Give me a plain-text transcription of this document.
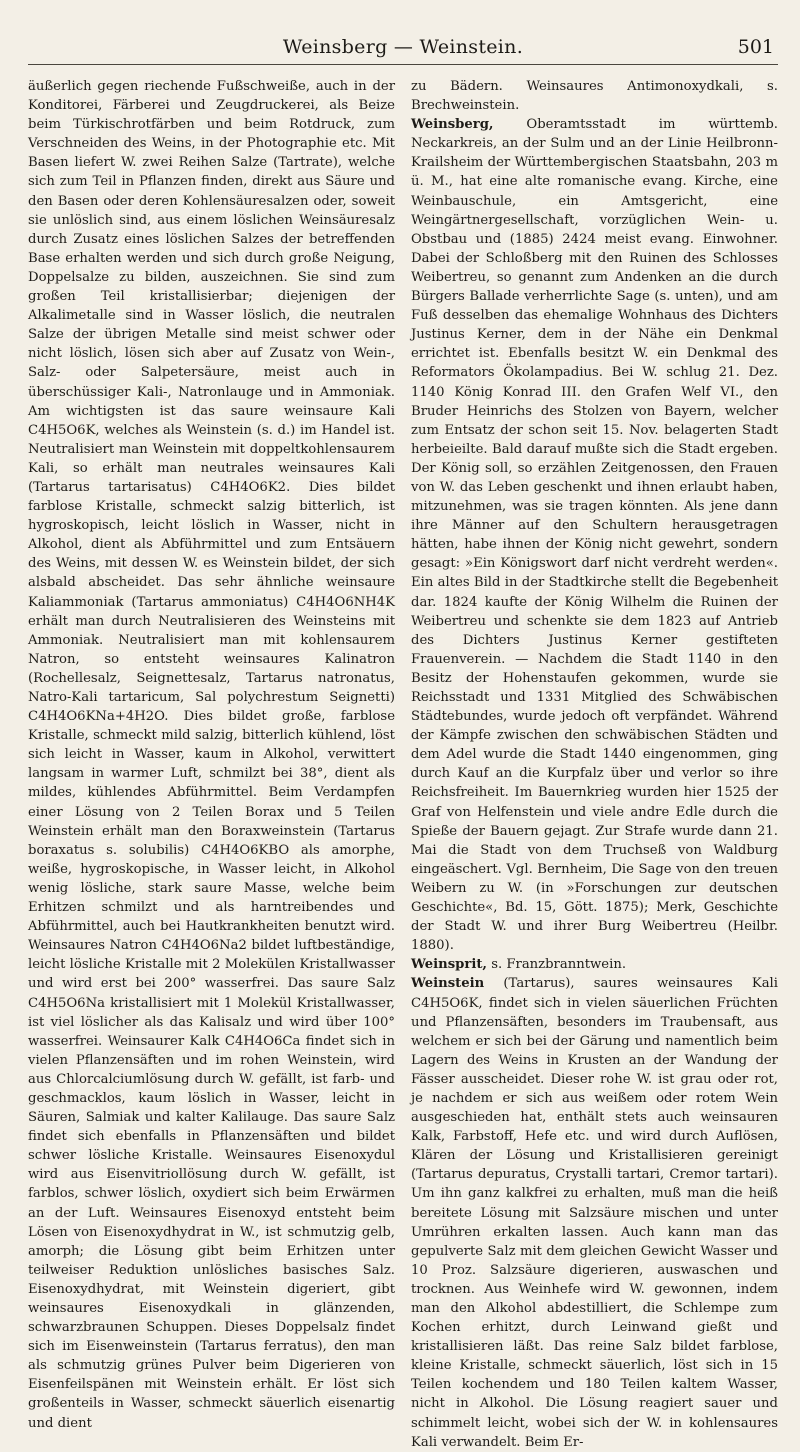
Weinsberg — Weinstein.	501

äußerlich gegen riechende Fußschweiße, auch in der Konditorei, Färberei und Zeugdruckerei, als Beize beim Türkischrotfärben und beim Rotdruck, zum Verschneiden des Weins, in der Photographie etc. Mit Basen liefert W. zwei Reihen Salze (Tartrate), welche sich zum Teil in Pflanzen finden, direkt aus Säure und den Basen oder deren Kohlensäuresalzen oder, soweit sie unlöslich sind, aus einem löslichen Weinsäuresalz durch Zusatz eines löslichen Salzes der betreffenden Base erhalten werden und sich durch große Neigung, Doppelsalze zu bilden, auszeichnen. Sie sind zum großen Teil kristallisierbar; diejenigen der Alkalimetalle sind in Wasser löslich, die neutralen Salze der übrigen Metalle sind meist schwer oder nicht löslich, lösen sich aber auf Zusatz von Wein-, Salz- oder Salpetersäure, meist auch in überschüssiger Kali-, Natronlauge und in Ammoniak. Am wichtigsten ist das saure weinsaure Kali C4H5O6K, welches als Weinstein (s. d.) im Handel ist. Neutralisiert man Weinstein mit doppeltkohlensaurem Kali, so erhält man neutrales weinsaures Kali (Tartarus tartarisatus) C4H4O6K2. Dies bildet farblose Kristalle, schmeckt salzig bitterlich, ist hygroskopisch, leicht löslich in Wasser, nicht in Alkohol, dient als Abführmittel und zum Entsäuern des Weins, mit dessen W. es Weinstein bildet, der sich alsbald abscheidet. Das sehr ähnliche weinsaure Kaliammoniak (Tartarus ammoniatus) C4H4O6NH4K erhält man durch Neutralisieren des Weinsteins mit Ammoniak. Neutralisiert man mit kohlensaurem Natron, so entsteht weinsaures Kalinatron (Rochellesalz, Seignettesalz, Tartarus natronatus, Natro-Kali tartaricum, Sal polychrestum Seignetti) C4H4O6KNa+4H2O. Dies bildet große, farblose Kristalle, schmeckt mild salzig, bitterlich kühlend, löst sich leicht in Wasser, kaum in Alkohol, verwittert langsam in warmer Luft, schmilzt bei 38°, dient als mildes, kühlendes Abführmittel. Beim Verdampfen einer Lösung von 2 Teilen Borax und 5 Teilen Weinstein erhält man den Boraxweinstein (Tartarus boraxatus s. solubilis) C4H4O6KBO als amorphe, weiße, hygroskopische, in Wasser leicht, in Alkohol wenig lösliche, stark saure Masse, welche beim Erhitzen schmilzt und als harntreibendes und Abführmittel, auch bei Hautkrankheiten benutzt wird. Weinsaures Natron C4H4O6Na2 bildet luftbeständige, leicht lösliche Kristalle mit 2 Molekülen Kristallwasser und wird erst bei 200° wasserfrei. Das saure Salz C4H5O6Na kristallisiert mit 1 Molekül Kristallwasser, ist viel löslicher als das Kalisalz und wird über 100° wasserfrei. Weinsaurer Kalk C4H4O6Ca findet sich in vielen Pflanzensäften und im rohen Weinstein, wird aus Chlorcalciumlösung durch W. gefällt, ist farb- und geschmacklos, kaum löslich in Wasser, leicht in Säuren, Salmiak und kalter Kalilauge. Das saure Salz findet sich ebenfalls in Pflanzensäften und bildet schwer lösliche Kristalle. Weinsaures Eisenoxydul wird aus Eisenvitriollösung durch W. gefällt, ist farblos, schwer löslich, oxydiert sich beim Erwärmen an der Luft. Weinsaures Eisenoxyd entsteht beim Lösen von Eisenoxydhydrat in W., ist schmutzig gelb, amorph; die Lösung gibt beim Erhitzen unter teilweiser Reduktion unlösliches basisches Salz. Eisenoxydhydrat, mit Weinstein digeriert, gibt weinsaures Eisenoxydkali in glänzenden, schwarzbraunen Schuppen. Dieses Doppelsalz findet sich im Eisenweinstein (Tartarus ferratus), den man als schmutzig grünes Pulver beim Digerieren von Eisenfeilspänen mit Weinstein erhält. Er löst sich großenteils in Wasser, schmeckt säuerlich eisenartig und dient

zu Bädern. Weinsaures Antimonoxydkali, s. Brechweinstein.

Weinsberg, Oberamtsstadt im württemb. Neckarkreis, an der Sulm und an der Linie Heilbronn-Krailsheim der Württembergischen Staatsbahn, 203 m ü. M., hat eine alte romanische evang. Kirche, eine Weinbauschule, ein Amtsgericht, eine Weingärtnergesellschaft, vorzüglichen Wein- u. Obstbau und (1885) 2424 meist evang. Einwohner. Dabei der Schloßberg mit den Ruinen des Schlosses Weibertreu, so genannt zum Andenken an die durch Bürgers Ballade verherrlichte Sage (s. unten), und am Fuß desselben das ehemalige Wohnhaus des Dichters Justinus Kerner, dem in der Nähe ein Denkmal errichtet ist. Ebenfalls besitzt W. ein Denkmal des Reformators Ökolampadius. Bei W. schlug 21. Dez. 1140 König Konrad III. den Grafen Welf VI., den Bruder Heinrichs des Stolzen von Bayern, welcher zum Entsatz der schon seit 15. Nov. belagerten Stadt herbeieilte. Bald darauf mußte sich die Stadt ergeben. Der König soll, so erzählen Zeitgenossen, den Frauen von W. das Leben geschenkt und ihnen erlaubt haben, mitzunehmen, was sie tragen könnten. Als jene dann ihre Männer auf den Schultern herausgetragen hätten, habe ihnen der König nicht gewehrt, sondern gesagt: »Ein Königswort darf nicht verdreht werden«. Ein altes Bild in der Stadtkirche stellt die Begebenheit dar. 1824 kaufte der König Wilhelm die Ruinen der Weibertreu und schenkte sie dem 1823 auf Antrieb des Dichters Justinus Kerner gestifteten Frauenverein. — Nachdem die Stadt 1140 in den Besitz der Hohenstaufen gekommen, wurde sie Reichsstadt und 1331 Mitglied des Schwäbischen Städtebundes, wurde jedoch oft verpfändet. Während der Kämpfe zwischen den schwäbischen Städten und dem Adel wurde die Stadt 1440 eingenommen, ging durch Kauf an die Kurpfalz über und verlor so ihre Reichsfreiheit. Im Bauernkrieg wurden hier 1525 der Graf von Helfenstein und viele andre Edle durch die Spieße der Bauern gejagt. Zur Strafe wurde dann 21. Mai die Stadt von dem Truchseß von Waldburg eingeäschert. Vgl. Bernheim, Die Sage von den treuen Weibern zu W. (in »Forschungen zur deutschen Geschichte«, Bd. 15, Gött. 1875); Merk, Geschichte der Stadt W. und ihrer Burg Weibertreu (Heilbr. 1880).

Weinsprit, s. Franzbranntwein.

Weinstein (Tartarus), saures weinsaures Kali C4H5O6K, findet sich in vielen säuerlichen Früchten und Pflanzensäften, besonders im Traubensaft, aus welchem er sich bei der Gärung und namentlich beim Lagern des Weins in Krusten an der Wandung der Fässer ausscheidet. Dieser rohe W. ist grau oder rot, je nachdem er sich aus weißem oder rotem Wein ausgeschieden hat, enthält stets auch weinsauren Kalk, Farbstoff, Hefe etc. und wird durch Auflösen, Klären der Lösung und Kristallisieren gereinigt (Tartarus depuratus, Crystalli tartari, Cremor tartari). Um ihn ganz kalkfrei zu erhalten, muß man die heiß bereitete Lösung mit Salzsäure mischen und unter Umrühren erkalten lassen. Auch kann man das gepulverte Salz mit dem gleichen Gewicht Wasser und 10 Proz. Salzsäure digerieren, auswaschen und trocknen. Aus Weinhefe wird W. gewonnen, indem man den Alkohol abdestilliert, die Schlempe zum Kochen erhitzt, durch Leinwand gießt und kristallisieren läßt. Das reine Salz bildet farblose, kleine Kristalle, schmeckt säuerlich, löst sich in 15 Teilen kochendem und 180 Teilen kaltem Wasser, nicht in Alkohol. Die Lösung reagiert sauer und schimmelt leicht, wobei sich der W. in kohlensaures Kali verwandelt. Beim Er-
